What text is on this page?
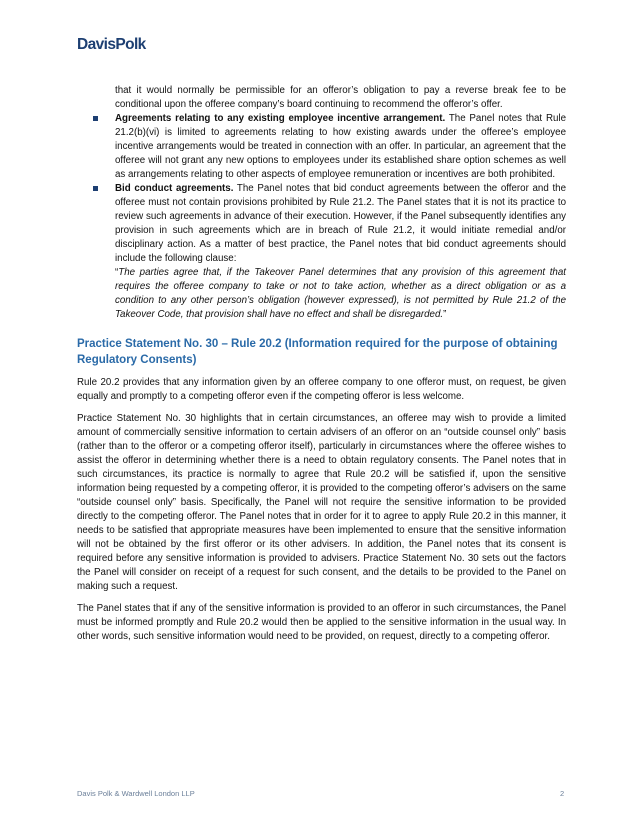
DavisPolk

that it would normally be permissible for an offeror’s obligation to pay a reverse break fee to be conditional upon the offeree company’s board continuing to recommend the offeror’s offer.

Agreements relating to any existing employee incentive arrangement. The Panel notes that Rule 21.2(b)(vi) is limited to agreements relating to how existing awards under the offeree’s employee incentive arrangements would be treated in connection with an offer. In particular, an agreement that the offeree will not grant any new options to employees under its established share option schemes as well as arrangements relating to other aspects of employee remuneration or incentives are both prohibited.

Bid conduct agreements. The Panel notes that bid conduct agreements between the offeror and the offeree must not contain provisions prohibited by Rule 21.2. The Panel states that it is not its practice to review such agreements in advance of their execution. However, if the Panel subsequently identifies any provision in such agreements which are in breach of Rule 21.2, it would initiate remedial and/or disciplinary action. As a matter of best practice, the Panel notes that bid conduct agreements should include the following clause:

“The parties agree that, if the Takeover Panel determines that any provision of this agreement that requires the offeree company to take or not to take action, whether as a direct obligation or as a condition to any other person’s obligation (however expressed), is not permitted by Rule 21.2 of the Takeover Code, that provision shall have no effect and shall be disregarded.”

Practice Statement No. 30 – Rule 20.2 (Information required for the purpose of obtaining Regulatory Consents)

Rule 20.2 provides that any information given by an offeree company to one offeror must, on request, be given equally and promptly to a competing offeror even if the competing offeror is less welcome.

Practice Statement No. 30 highlights that in certain circumstances, an offeree may wish to provide a limited amount of commercially sensitive information to certain advisers of an offeror on an “outside counsel only” basis (rather than to the offeror or a competing offeror itself), particularly in circumstances where the offeree wishes to assist the offeror in determining whether there is a need to obtain regulatory consents. The Panel notes that in such circumstances, its practice is normally to agree that Rule 20.2 will be satisfied if, upon the sensitive information being requested by a competing offeror, it is provided to the competing offeror’s advisers on the same “outside counsel only” basis. Specifically, the Panel will not require the sensitive information to be provided directly to the competing offeror. The Panel notes that in order for it to agree to apply Rule 20.2 in this manner, it needs to be satisfied that appropriate measures have been implemented to ensure that the sensitive information will not be obtained by the first offeror or its other advisers. In addition, the Panel notes that its consent is required before any sensitive information is provided to advisers. Practice Statement No. 30 sets out the factors the Panel will consider on receipt of a request for such consent, and the details to be provided to the Panel on making such a request.

The Panel states that if any of the sensitive information is provided to an offeror in such circumstances, the Panel must be informed promptly and Rule 20.2 would then be applied to the sensitive information in the usual way. In other words, such sensitive information would need to be provided, on request, directly to a competing offeror.

Davis Polk & Wardwell London LLP	2
